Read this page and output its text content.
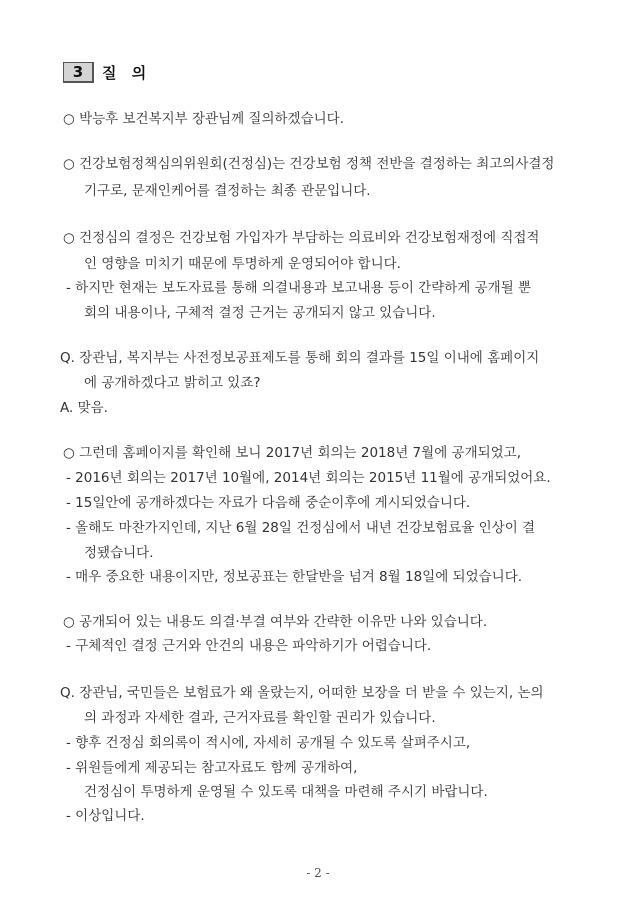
3	질 의
○ 박능후 보건복지부 장관님께 질의하겠습니다.
○ 건강보험정책심의위원회(건정심)는 건강보험 정책 전반을 결정하는 최고의사결정
기구로, 문재인케어를 결정하는 최종 관문입니다.
○ 건정심의 결정은 건강보험 가입자가 부담하는 의료비와 건강보험재정에 직접적
인 영향을 미치기 때문에 투명하게 운영되어야 합니다.
- 하지만 현재는 보도자료를 통해 의결내용과 보고내용 등이 간략하게 공개될 뿐
회의 내용이나, 구체적 결정 근거는 공개되지 않고 있습니다.
Q. 장관님, 복지부는 사전정보공표제도를 통해 회의 결과를 15일 이내에 홈페이지
에 공개하겠다고 밝히고 있죠?
A. 맞음.
○ 그런데 홈페이지를 확인해 보니 2017년 회의는 2018년 7월에 공개되었고,
- 2016년 회의는 2017년 10월에, 2014년 회의는 2015년 11월에 공개되었어요.
- 15일안에 공개하겠다는 자료가 다음해 중순이후에 게시되었습니다.
- 올해도 마찬가지인데, 지난 6월 28일 건정심에서 내년 건강보험료율 인상이 결
정됐습니다.
- 매우 중요한 내용이지만, 정보공표는 한달반을 넘겨 8월 18일에 되었습니다.
○ 공개되어 있는 내용도 의결·부결 여부와 간략한 이유만 나와 있습니다.
- 구체적인 결정 근거와 안건의 내용은 파악하기가 어렵습니다.
Q. 장관님, 국민들은 보험료가 왜 올랐는지, 어떠한 보장을 더 받을 수 있는지, 논의
의 과정과 자세한 결과, 근거자료를 확인할 권리가 있습니다.
- 향후 건정심 회의록이 적시에, 자세히 공개될 수 있도록 살펴주시고,
- 위원들에게 제공되는 참고자료도 함께 공개하여,
건정심이 투명하게 운영될 수 있도록 대책을 마련해 주시기 바랍니다.
- 이상입니다.
- 2 -
